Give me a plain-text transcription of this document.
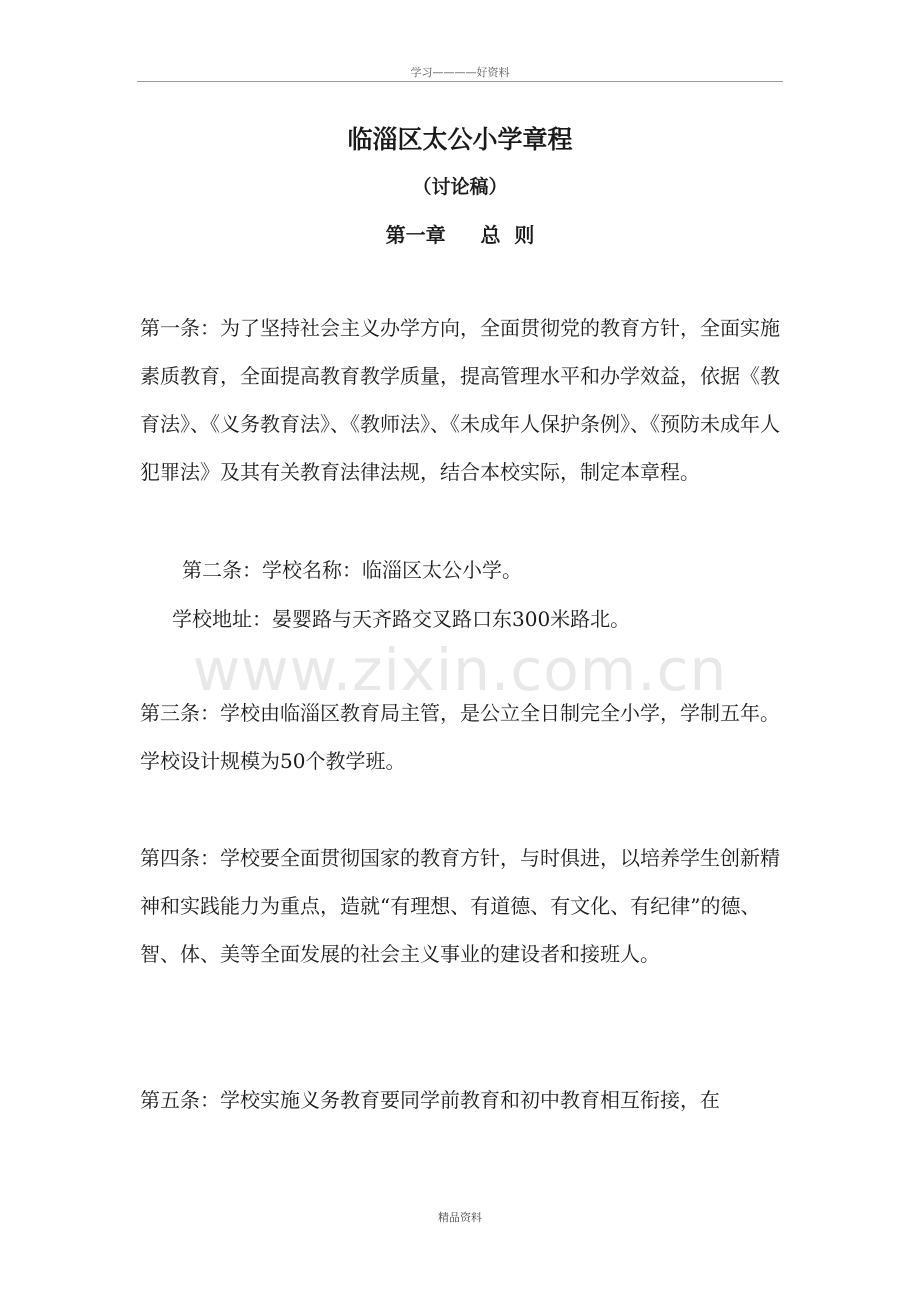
学习————好资料
临淄区太公小学章程
（讨论稿）
第一章     总  则

第一条：为了坚持社会主义办学方向，全面贯彻党的教育方针，全面实施素质教育，全面提高教育教学质量，提高管理水平和办学效益，依据《教育法》、《义务教育法》、《教师法》、《未成年人保护条例》、《预防未成年人犯罪法》及其有关教育法律法规，结合本校实际，制定本章程。

第二条：学校名称：临淄区太公小学。
学校地址：晏婴路与天齐路交叉路口东300米路北。
www.zixin.com.cn

第三条：学校由临淄区教育局主管，是公立全日制完全小学，学制五年。学校设计规模为50个教学班。

第四条：学校要全面贯彻国家的教育方针，与时俱进，以培养学生创新精神和实践能力为重点，造就“有理想、有道德、有文化、有纪律”的德、智、体、美等全面发展的社会主义事业的建设者和接班人。

第五条：学校实施义务教育要同学前教育和初中教育相互衔接，在

精品资料
